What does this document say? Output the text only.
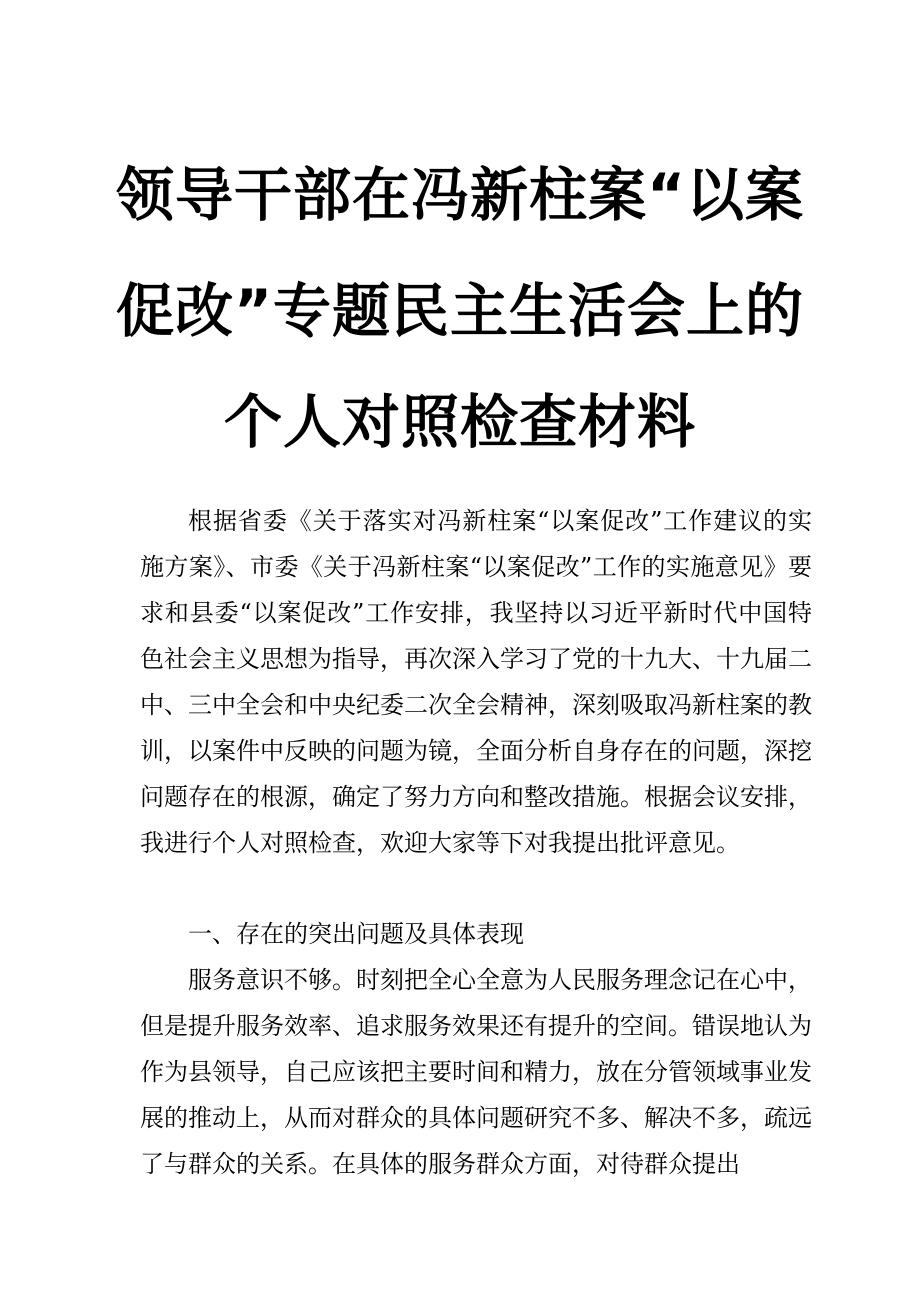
领导干部在冯新柱案“以案
促改”专题民主生活会上的
个人对照检查材料

根据省委《关于落实对冯新柱案“以案促改”工作建议的实施方案》、市委《关于冯新柱案“以案促改”工作的实施意见》要求和县委“以案促改”工作安排，我坚持以习近平新时代中国特色社会主义思想为指导，再次深入学习了党的十九大、十九届二中、三中全会和中央纪委二次全会精神，深刻吸取冯新柱案的教训，以案件中反映的问题为镜，全面分析自身存在的问题，深挖问题存在的根源，确定了努力方向和整改措施。根据会议安排，我进行个人对照检查，欢迎大家等下对我提出批评意见。

一、存在的突出问题及具体表现

服务意识不够。时刻把全心全意为人民服务理念记在心中，但是提升服务效率、追求服务效果还有提升的空间。错误地认为作为县领导，自己应该把主要时间和精力，放在分管领域事业发展的推动上，从而对群众的具体问题研究不多、解决不多，疏远了与群众的关系。在具体的服务群众方面，对待群众提出
